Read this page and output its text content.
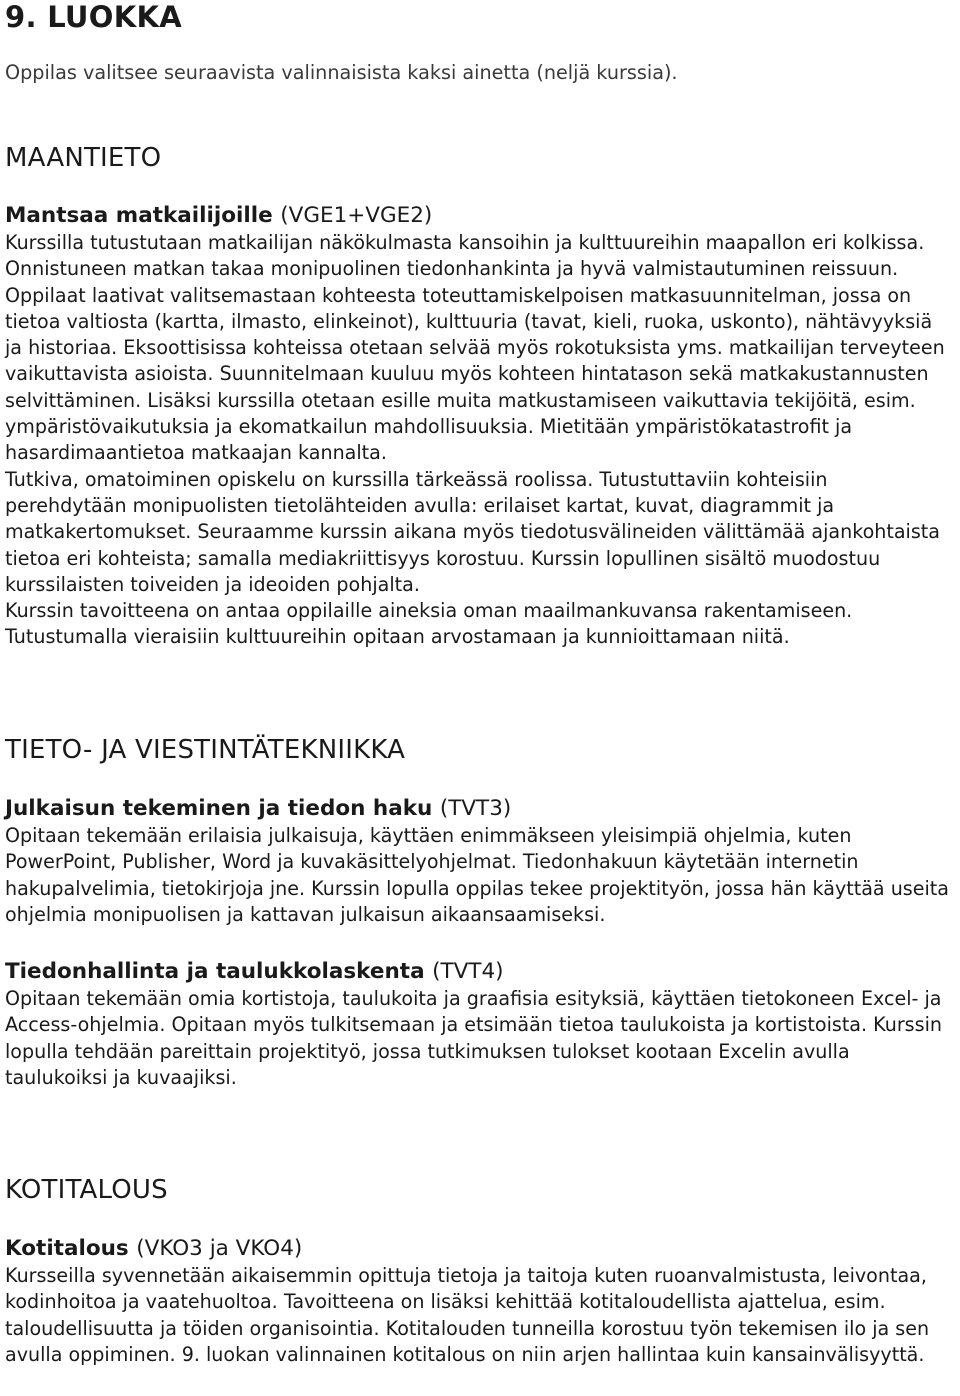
9. LUOKKA

Oppilas valitsee seuraavista valinnaisista kaksi ainetta (neljä kurssia).

MAANTIETO
Mantsaa matkailijoille (VGE1+VGE2)

Kurssilla tutustutaan matkailijan näkökulmasta kansoihin ja kulttuureihin maapallon eri kolkissa. Onnistuneen matkan takaa monipuolinen tiedonhankinta ja hyvä valmistautuminen reissuun. Oppilaat laativat valitsemastaan kohteesta toteuttamiskelpoisen matkasuunnitelman, jossa on tietoa valtiosta (kartta, ilmasto, elinkeinot), kulttuuria (tavat, kieli, ruoka, uskonto), nähtävyyksiä ja historiaa. Eksoottisissa kohteissa otetaan selvää myös rokotuksista yms. matkailijan terveyteen vaikuttavista asioista. Suunnitelmaan kuuluu myös kohteen hintatason sekä matkakustannusten selvittäminen. Lisäksi kurssilla otetaan esille muita matkustamiseen vaikuttavia tekijöitä, esim. ympäristövaikutuksia ja ekomatkailun mahdollisuuksia. Mietitään ympäristökatastrofit ja hasardimaantietoa matkaajan kannalta.

Tutkiva, omatoiminen opiskelu on kurssilla tärkeässä roolissa. Tutustuttaviin kohteisiin perehdytään monipuolisten tietolähteiden avulla: erilaiset kartat, kuvat, diagrammit ja matkakertomukset. Seuraamme kurssin aikana myös tiedotusvälineiden välittämää ajankohtaista tietoa eri kohteista; samalla mediakriittisyys korostuu. Kurssin lopullinen sisältö muodostuu kurssilaisten toiveiden ja ideoiden pohjalta.

Kurssin tavoitteena on antaa oppilaille aineksia oman maailmankuvansa rakentamiseen. Tutustumalla vieraisiin kulttuureihin opitaan arvostamaan ja kunnioittamaan niitä.

TIETO- JA VIESTINTÄTEKNIIKKA
Julkaisun tekeminen ja tiedon haku (TVT3)

Opitaan tekemään erilaisia julkaisuja, käyttäen enimmäkseen yleisimpiä ohjelmia, kuten PowerPoint, Publisher, Word ja kuvakäsittelyohjelmat. Tiedonhakuun käytetään internetin hakupalvelimia, tietokirjoja jne. Kurssin lopulla oppilas tekee projektityön, jossa hän käyttää useita ohjelmia monipuolisen ja kattavan julkaisun aikaansaamiseksi.

Tiedonhallinta ja taulukkolaskenta (TVT4)

Opitaan tekemään omia kortistoja, taulukoita ja graafisia esityksiä, käyttäen tietokoneen Excel- ja Access-ohjelmia. Opitaan myös tulkitsemaan ja etsimään tietoa taulukoista ja kortistoista. Kurssin lopulla tehdään pareittain projektityö, jossa tutkimuksen tulokset kootaan Excelin avulla taulukoiksi ja kuvaajiksi.

KOTITALOUS
Kotitalous (VKO3 ja VKO4)

Kursseilla syvennetään aikaisemmin opittuja tietoja ja taitoja kuten ruoanvalmistusta, leivontaa, kodinhoitoa ja vaatehuoltoa. Tavoitteena on lisäksi kehittää kotitaloudellista ajattelua, esim. taloudellisuutta ja töiden organisointia. Kotitalouden tunneilla korostuu työn tekemisen ilo ja sen avulla oppiminen. 9. luokan valinnainen kotitalous on niin arjen hallintaa kuin kansainvälisyyttä.
